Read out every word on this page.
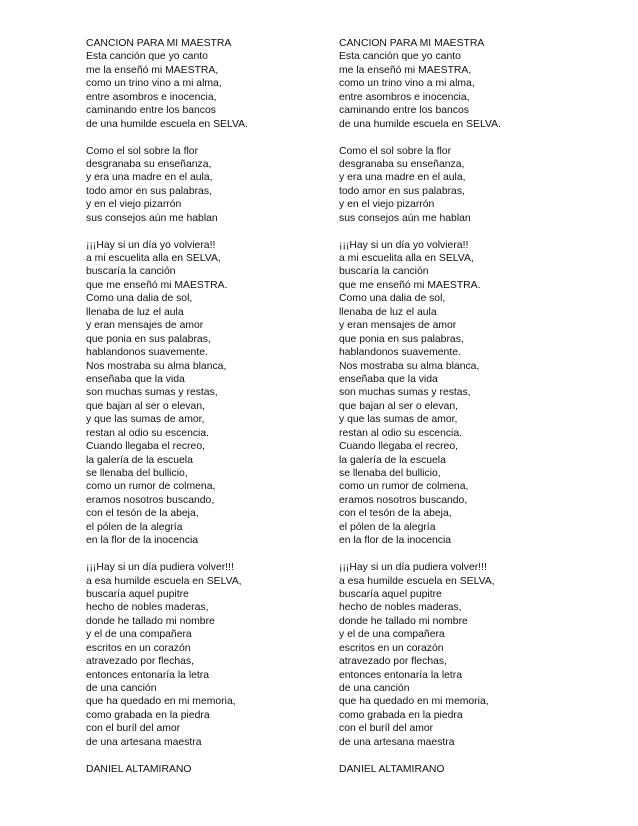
CANCION PARA MI MAESTRA
Esta canción que yo canto
me la enseñó mi MAESTRA,
como un trino vino a mi alma,
entre asombros e inocencia,
caminando entre los bancos
de una humilde escuela en SELVA.
Como el sol sobre la flor
desgranaba su enseñanza,
y era una madre en el aula,
todo amor en sus palabras,
y en el viejo pizarrón
sus consejos aún me hablan
¡¡¡Hay si un día yo volviera!!
a mi escuelita alla en SELVA,
buscaría la canción
que me enseñó mi MAESTRA.
Como una dalia de sol,
llenaba de luz el aula
y eran mensajes de amor
que ponia en sus palabras,
hablandonos suavemente.
Nos mostraba su alma blanca,
enseñaba que la vida
son muchas sumas y restas,
que bajan al ser o elevan,
y que las sumas de amor,
restan al odio su escencia.
Cuando llegaba el recreo,
la galería de la escuela
se llenaba del bullicio,
como un rumor de colmena,
eramos nosotros buscando,
con el tesón de la abeja,
el pólen de la alegría
en la flor de la inocencia
¡¡¡Hay si un día pudiera volver!!!
a esa humilde escuela en SELVA,
buscaría aquel pupitre
hecho de nobles maderas,
donde he tallado mi nombre
y el de una compañera
escritos en un corazón
atravezado por flechas,
entonces entonaría la letra
de una canción
que ha quedado en mi memoria,
como grabada en la piedra
con el buríl del amor
de una artesana maestra
DANIEL ALTAMIRANO
CANCION PARA MI MAESTRA
Esta canción que yo canto
me la enseñó mi MAESTRA,
como un trino vino a mi alma,
entre asombros e inocencia,
caminando entre los bancos
de una humilde escuela en SELVA.
Como el sol sobre la flor
desgranaba su enseñanza,
y era una madre en el aula,
todo amor en sus palabras,
y en el viejo pizarrón
sus consejos aún me hablan
¡¡¡Hay si un día yo volviera!!
a mi escuelita alla en SELVA,
buscaría la canción
que me enseñó mi MAESTRA.
Como una dalia de sol,
llenaba de luz el aula
y eran mensajes de amor
que ponia en sus palabras,
hablandonos suavemente.
Nos mostraba su alma blanca,
enseñaba que la vida
son muchas sumas y restas,
que bajan al ser o elevan,
y que las sumas de amor,
restan al odio su escencia.
Cuando llegaba el recreo,
la galería de la escuela
se llenaba del bullicio,
como un rumor de colmena,
eramos nosotros buscando,
con el tesón de la abeja,
el pólen de la alegría
en la flor de la inocencia
¡¡¡Hay si un día pudiera volver!!!
a esa humilde escuela en SELVA,
buscaría aquel pupitre
hecho de nobles maderas,
donde he tallado mi nombre
y el de una compañera
escritos en un corazón
atravezado por flechas,
entonces entonaría la letra
de una canción
que ha quedado en mi memoria,
como grabada en la piedra
con el buríl del amor
de una artesana maestra
DANIEL ALTAMIRANO
